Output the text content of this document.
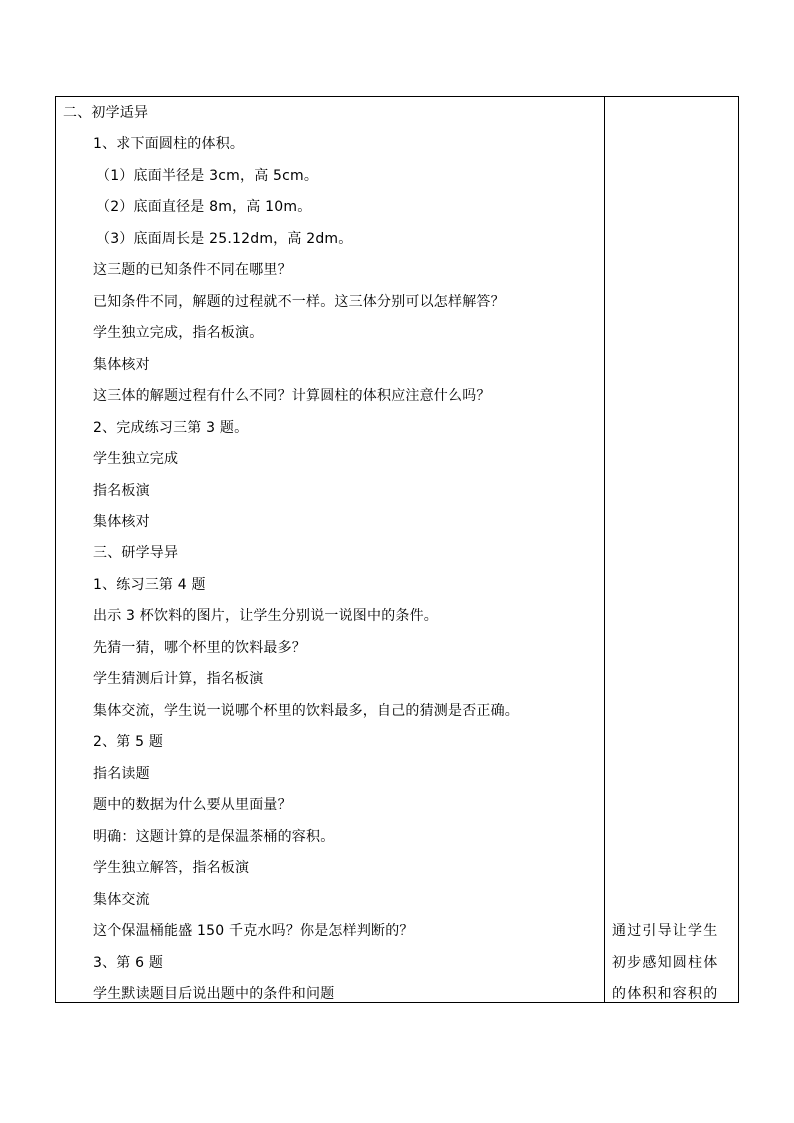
二、初学适异
1、求下面圆柱的体积。
（1）底面半径是 3cm，高 5cm。
（2）底面直径是 8m，高 10m。
（3）底面周长是 25.12dm，高 2dm。
这三题的已知条件不同在哪里？
已知条件不同，解题的过程就不一样。这三体分别可以怎样解答？
学生独立完成，指名板演。
集体核对
这三体的解题过程有什么不同？计算圆柱的体积应注意什么吗？
2、完成练习三第 3 题。
学生独立完成
指名板演
集体核对
三、研学导异
1、练习三第 4 题
出示 3 杯饮料的图片，让学生分别说一说图中的条件。
先猜一猜，哪个杯里的饮料最多？
学生猜测后计算，指名板演
集体交流，学生说一说哪个杯里的饮料最多，自己的猜测是否正确。
2、第 5 题
指名读题
题中的数据为什么要从里面量？
明确：这题计算的是保温茶桶的容积。
学生独立解答，指名板演
集体交流
这个保温桶能盛 150 千克水吗？你是怎样判断的？
3、第 6 题
学生默读题目后说出题中的条件和问题
通过引导让学生
初步感知圆柱体
的体积和容积的
